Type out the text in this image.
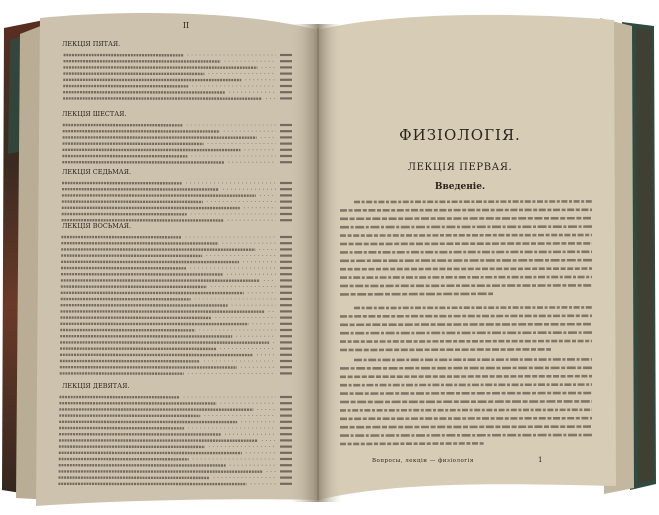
ЛЕКЦІЯ ПЯТАЯ.
ЛЕКЦІЯ ШЕСТАЯ.
ЛЕКЦІЯ СЕДЬМАЯ.
ЛЕКЦІЯ ВОСЬМАЯ.
ЛЕКЦІЯ ДЕВЯТАЯ.
II
ФИЗІОЛОГІЯ.
ЛЕКЦІЯ ПЕРВАЯ.
Введеніе.
Вопросы, лекціи — физіологія	1
